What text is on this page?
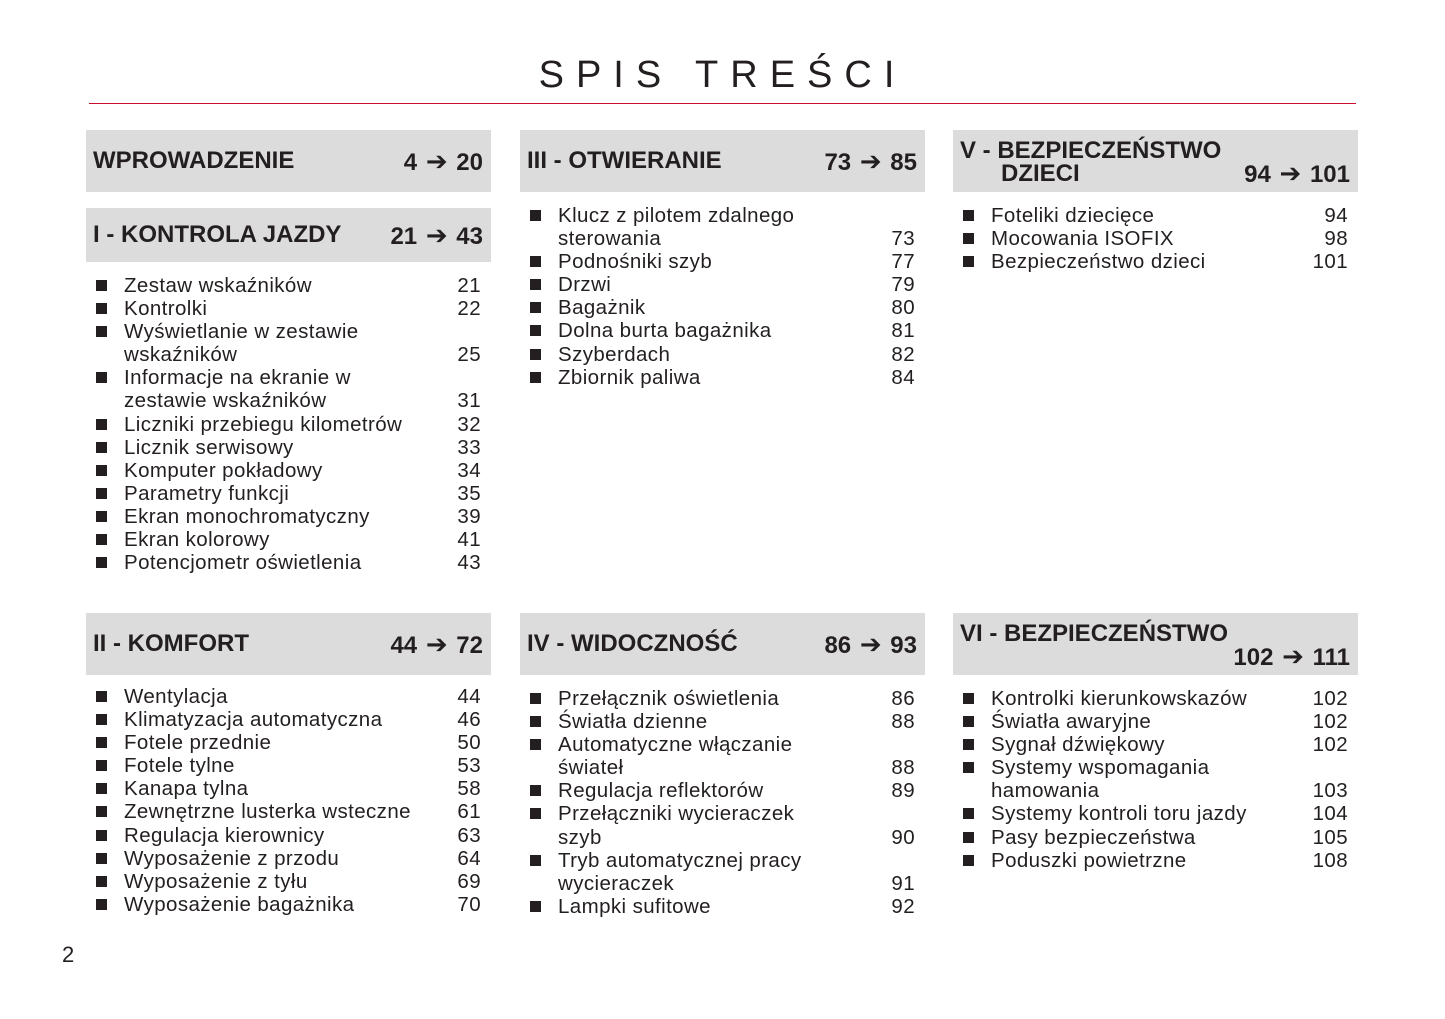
SPIS TREŚCI
WPROWADZENIE	4 ➔ 20
I - KONTROLA JAZDY 21 ➔ 43
Zestaw wskaźników	21
Kontrolki	22
Wyświetlanie w zestawie
wskaźników	25
Informacje na ekranie w
zestawie wskaźników	31
Liczniki przebiegu kilometrów	32
Licznik serwisowy	33
Komputer pokładowy	34
Parametry funkcji	35
Ekran monochromatyczny	39
Ekran kolorowy	41
Potencjometr oświetlenia	43
II - KOMFORT	44 ➔ 72
Wentylacja	44
Klimatyzacja automatyczna	46
Fotele przednie	50
Fotele tylne	53
Kanapa tylna	58
Zewnętrzne lusterka wsteczne	61
Regulacja kierownicy	63
Wyposażenie z przodu	64
Wyposażenie z tyłu	69
Wyposażenie bagażnika	70
III - OTWIERANIE	73 ➔ 85
Klucz z pilotem zdalnego
sterowania	73
Podnośniki szyb	77
Drzwi	79
Bagażnik	80
Dolna burta bagażnika	81
Szyberdach	82
Zbiornik paliwa	84
IV - WIDOCZNOŚĆ	86 ➔ 93
Przełącznik oświetlenia	86
Światła dzienne	88
Automatyczne włączanie
świateł	88
Regulacja reflektorów	89
Przełączniki wycieraczek
szyb	90
Tryb automatycznej pracy
wycieraczek	91
Lampki sufitowe	92
V - BEZPIECZEŃSTWO
DZIECI	94 ➔ 101
Foteliki dziecięce	94
Mocowania ISOFIX	98
Bezpieczeństwo dzieci	101
VI - BEZPIECZEŃSTWO
102 ➔ 111
Kontrolki kierunkowskazów	102
Światła awaryjne	102
Sygnał dźwiękowy	102
Systemy wspomagania
hamowania	103
Systemy kontroli toru jazdy	104
Pasy bezpieczeństwa	105
Poduszki powietrzne	108
2
